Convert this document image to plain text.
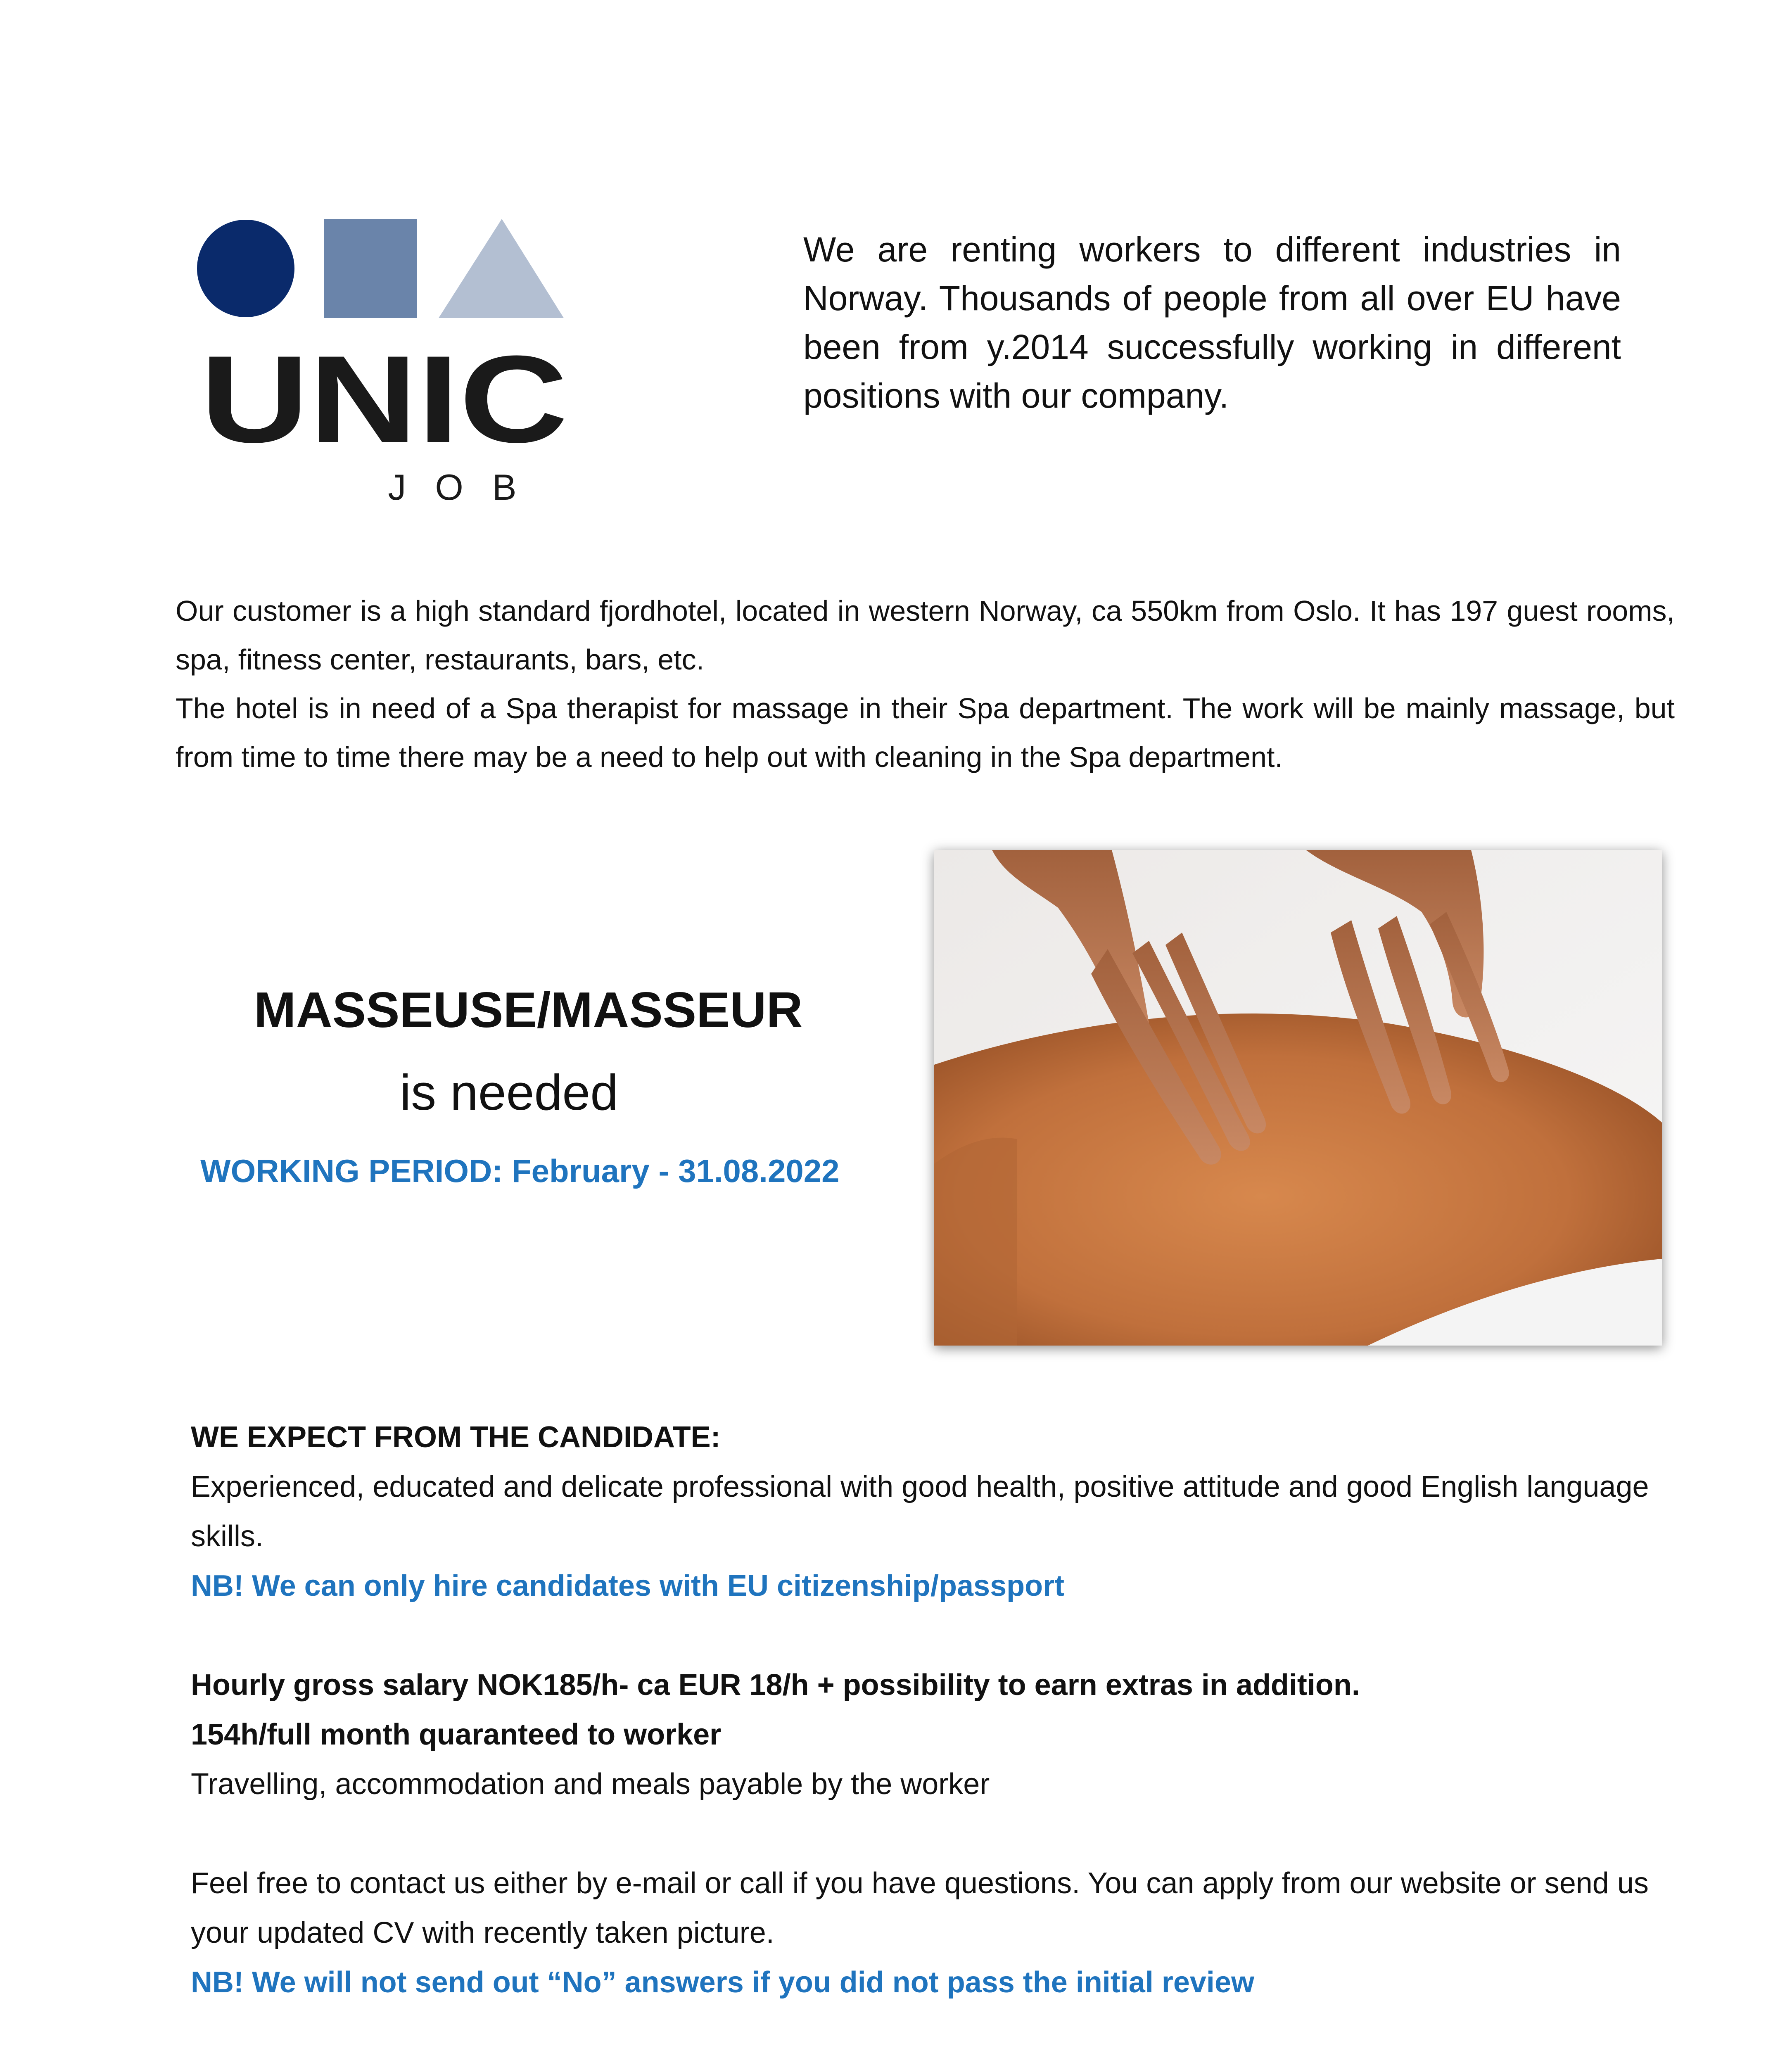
UNIC
JOB
We are renting workers to different industries in Norway. Thousands of people from all over EU have been from y.2014 successfully working in different positions with our company.

Our customer is a high standard fjordhotel, located in western Norway, ca 550km from Oslo. It has 197 guest rooms, spa, fitness center, restaurants, bars, etc.

The hotel is in need of a Spa therapist for massage in their Spa department. The work will be mainly massage, but from time to time there may be a need to help out with cleaning in the Spa department.

MASSEUSE/MASSEUR
is needed
WORKING PERIOD: February - 31.08.2022

WE EXPECT FROM THE CANDIDATE:

Experienced, educated and delicate professional with good health, positive attitude and good English language skills.

NB! We can only hire candidates with EU citizenship/passport

Hourly gross salary NOK185/h- ca EUR 18/h + possibility to earn extras in addition.

154h/full month quaranteed to worker

Travelling, accommodation and meals payable by the worker

Feel free to contact us either by e-mail or call if you have questions. You can apply from our website or send us your updated CV with recently taken picture.

NB! We will not send out “No” answers if you did not pass the initial review
